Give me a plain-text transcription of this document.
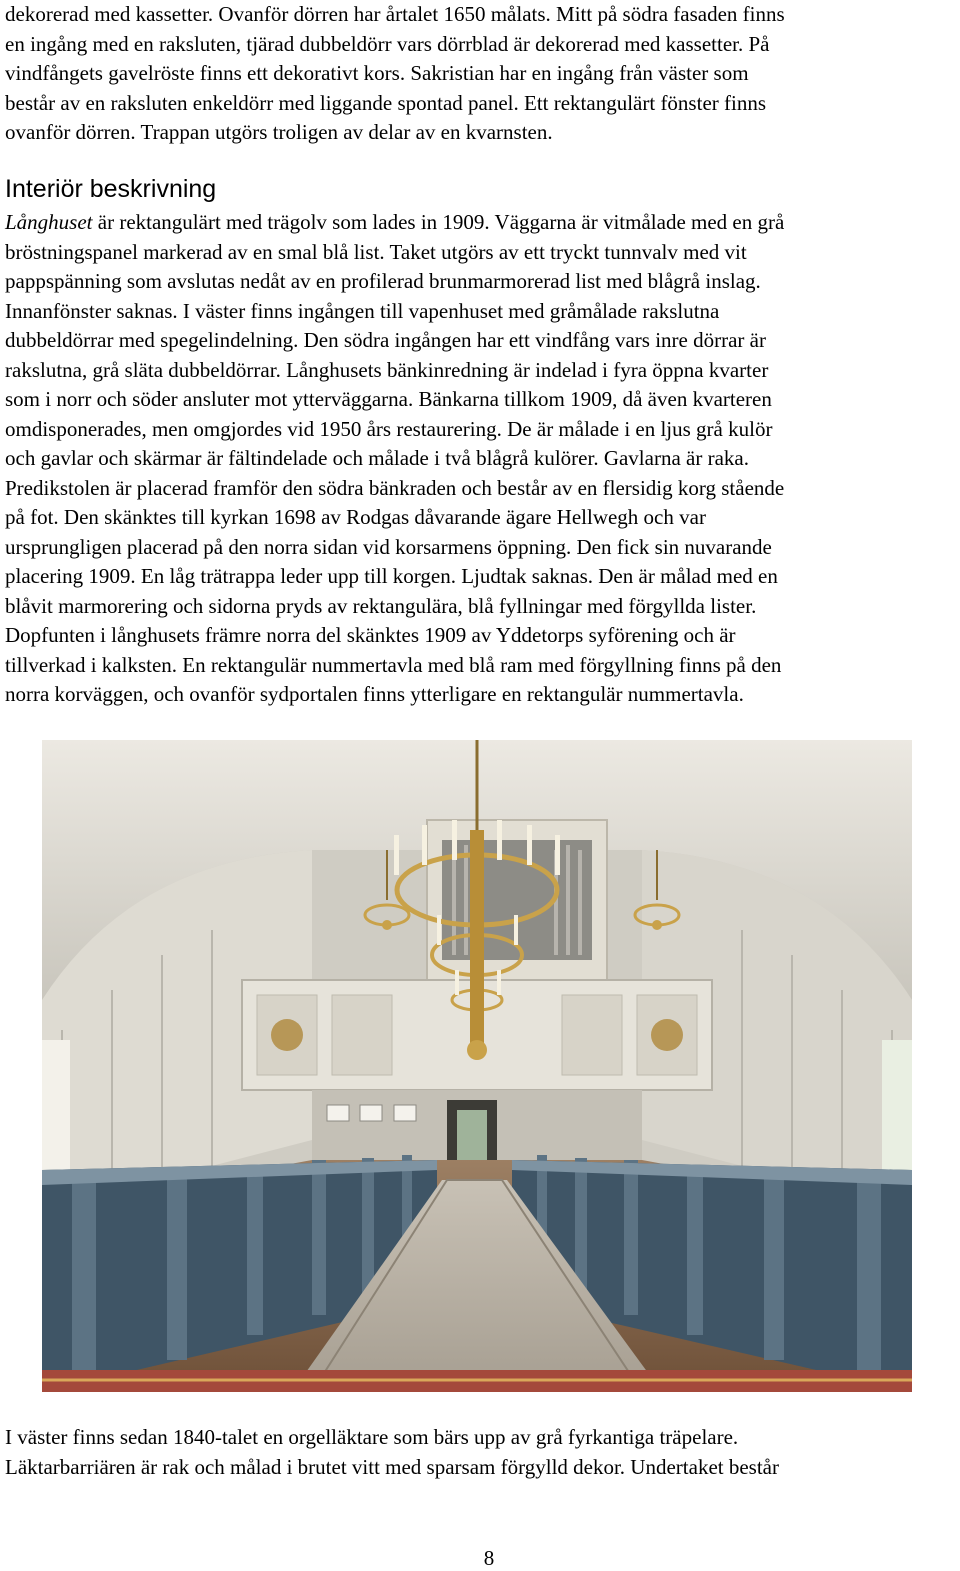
dekorerad med kassetter. Ovanför dörren har årtalet 1650 målats. Mitt på södra fasaden finns
en ingång med en raksluten, tjärad dubbeldörr vars dörrblad är dekorerad med kassetter. På
vindfångets gavelröste finns ett dekorativt kors. Sakristian har en ingång från väster som
består av en raksluten enkeldörr med liggande spontad panel. Ett rektangulärt fönster finns
ovanför dörren. Trappan utgörs troligen av delar av en kvarnsten.
Interiör beskrivning
Långhuset är rektangulärt med trägolv som lades in 1909. Väggarna är vitmålade med en grå
bröstningspanel markerad av en smal blå list. Taket utgörs av ett tryckt tunnvalv med vit
pappspänning som avslutas nedåt av en profilerad brunmarmorerad list med blågrå inslag.
Innanfönster saknas. I väster finns ingången till vapenhuset med gråmålade rakslutna
dubbeldörrar med spegelindelning. Den södra ingången har ett vindfång vars inre dörrar är
rakslutna, grå släta dubbeldörrar. Långhusets bänkinredning är indelad i fyra öppna kvarter
som i norr och söder ansluter mot ytterväggarna. Bänkarna tillkom 1909, då även kvarteren
omdisponerades, men omgjordes vid 1950 års restaurering. De är målade i en ljus grå kulör
och gavlar och skärmar är fältindelade och målade i två blågrå kulörer. Gavlarna är raka.
Predikstolen är placerad framför den södra bänkraden och består av en flersidig korg stående
på fot. Den skänktes till kyrkan 1698 av Rodgas dåvarande ägare Hellwegh och var
ursprungligen placerad på den norra sidan vid korsarmens öppning. Den fick sin nuvarande
placering 1909. En låg trätrappa leder upp till korgen. Ljudtak saknas. Den är målad med en
blåvit marmorering och sidorna pryds av rektangulära, blå fyllningar med förgyllda lister.
Dopfunten i långhusets främre norra del skänktes 1909 av Yddetorps syförening och är
tillverkad i kalksten. En rektangulär nummertavla med blå ram med förgyllning finns på den
norra korväggen, och ovanför sydportalen finns ytterligare en rektangulär nummertavla.
I väster finns sedan 1840-talet en orgelläktare som bärs upp av grå fyrkantiga träpelare.
Läktarbarriären är rak och målad i brutet vitt med sparsam förgylld dekor. Undertaket består
8
